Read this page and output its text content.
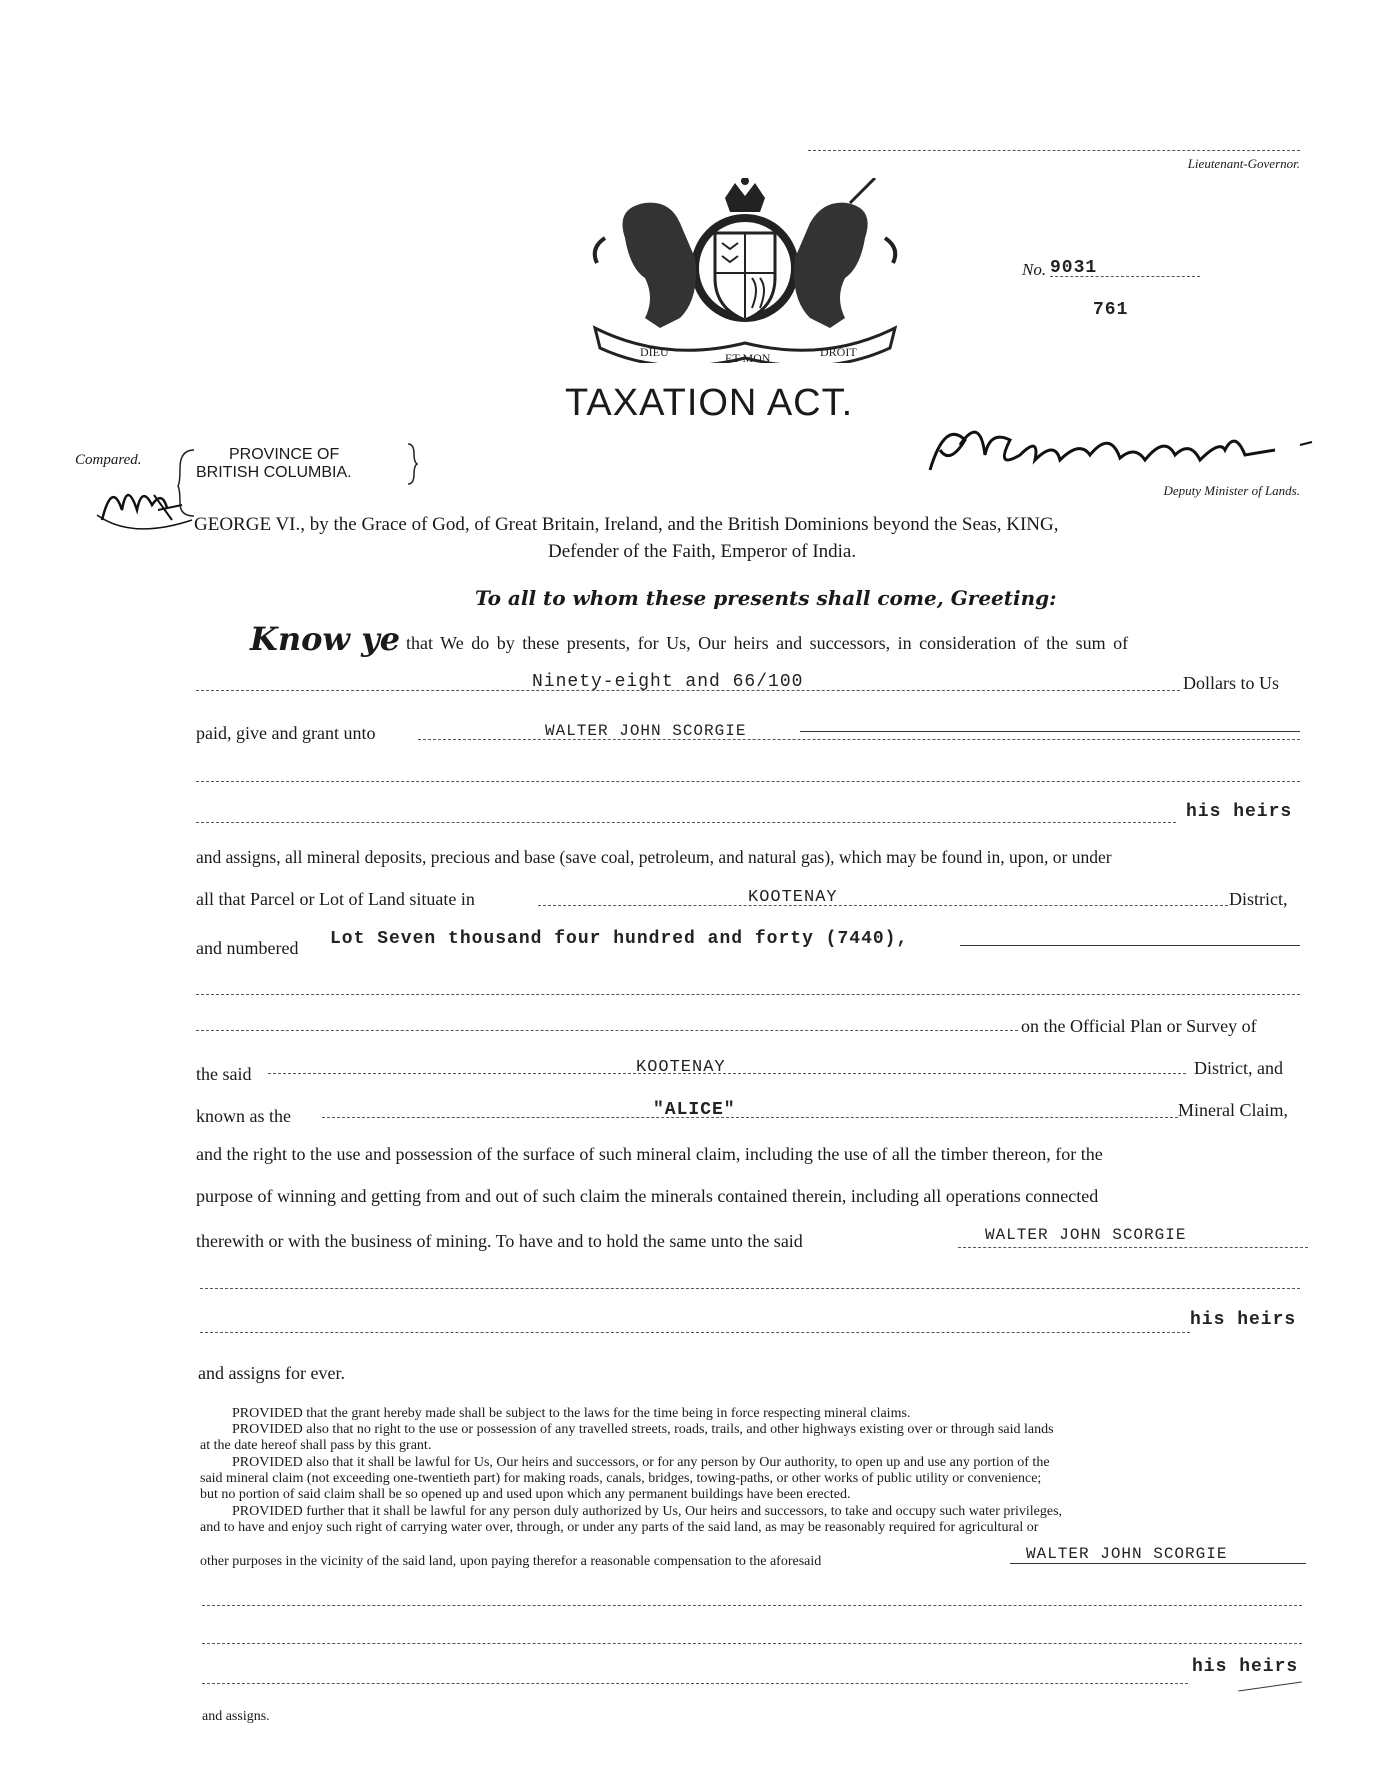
Lieutenant-Governor.
DIEU	ET MON	DROIT
No. 9031
761
TAXATION ACT.
Deputy Minister of Lands.
Compared.	PROVINCE OF
BRITISH COLUMBIA.
GEORGE VI., by the Grace of God, of Great Britain, Ireland, and the British Dominions beyond the Seas, KING,
Defender of the Faith, Emperor of India.
To all to whom these presents shall come, Greeting:
Know ye that We do by these presents, for Us, Our heirs and successors, in consideration of the sum of
Ninety-eight and 66/100	Dollars to Us
paid, give and grant unto	WALTER JOHN SCORGIE
his heirs
and assigns, all mineral deposits, precious and base (save coal, petroleum, and natural gas), which may be found in, upon, or under
all that Parcel or Lot of Land situate in	KOOTENAY	District,
and numbered Lot Seven thousand four hundred and forty (7440),
on the Official Plan or Survey of
the said	KOOTENAY	District, and
known as the	"ALICE"	Mineral Claim,
and the right to the use and possession of the surface of such mineral claim, including the use of all the timber thereon, for the
purpose of winning and getting from and out of such claim the minerals contained therein, including all operations connected
therewith or with the business of mining. To have and to hold the same unto the said	WALTER JOHN SCORGIE
his heirs
and assigns for ever.
PROVIDED that the grant hereby made shall be subject to the laws for the time being in force respecting mineral claims.
PROVIDED also that no right to the use or possession of any travelled streets, roads, trails, and other highways existing over or through said lands
at the date hereof shall pass by this grant.
PROVIDED also that it shall be lawful for Us, Our heirs and successors, or for any person by Our authority, to open up and use any portion of the
said mineral claim (not exceeding one-twentieth part) for making roads, canals, bridges, towing-paths, or other works of public utility or convenience;
but no portion of said claim shall be so opened up and used upon which any permanent buildings have been erected.
PROVIDED further that it shall be lawful for any person duly authorized by Us, Our heirs and successors, to take and occupy such water privileges,
and to have and enjoy such right of carrying water over, through, or under any parts of the said land, as may be reasonably required for agricultural or
other purposes in the vicinity of the said land, upon paying therefor a reasonable compensation to the aforesaid	WALTER JOHN SCORGIE
his heirs
and assigns.
